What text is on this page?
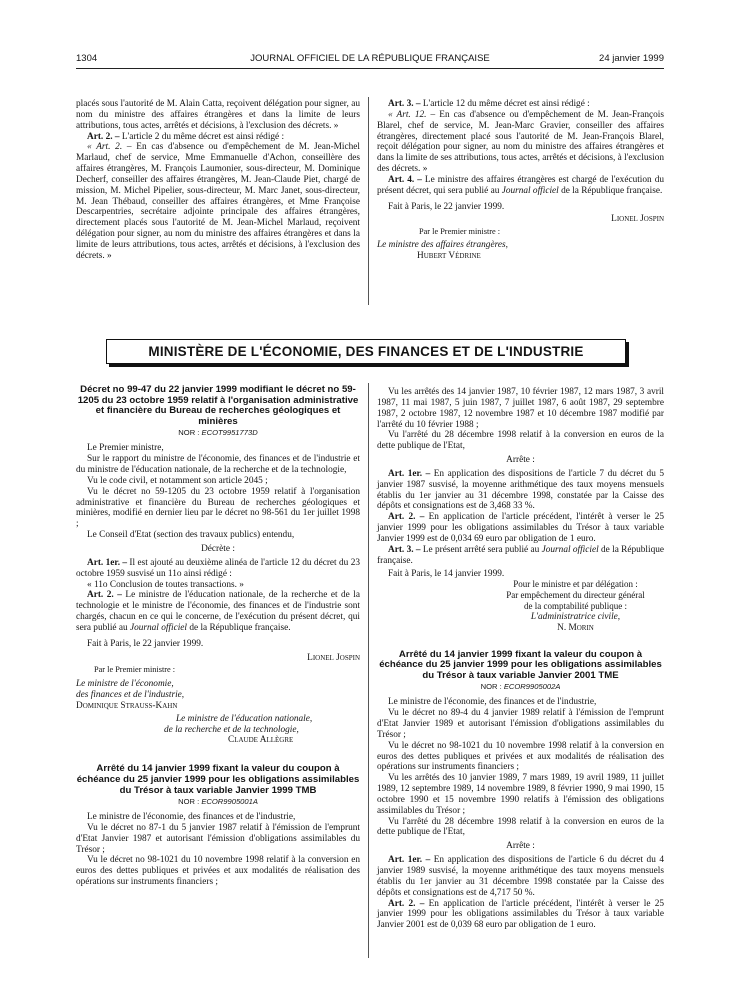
1304	JOURNAL OFFICIEL DE LA RÉPUBLIQUE FRANÇAISE	24 janvier 1999

placés sous l'autorité de M. Alain Catta, reçoivent délégation pour signer, au nom du ministre des affaires étrangères et dans la limite de leurs attributions, tous actes, arrêtés et décisions, à l'exclusion des décrets. »

Art. 2. – L'article 2 du même décret est ainsi rédigé :

« Art. 2. – En cas d'absence ou d'empêchement de M. Jean-Michel Marlaud, chef de service, Mme Emmanuelle d'Achon, conseillère des affaires étrangères, M. François Laumonier, sous-directeur, M. Dominique Decherf, conseiller des affaires étrangères, M. Jean-Claude Piet, chargé de mission, M. Michel Pipelier, sous-directeur, M. Marc Janet, sous-directeur, M. Jean Thébaud, conseiller des affaires étrangères, et Mme Françoise Descarpentries, secrétaire adjointe principale des affaires étrangères, directement placés sous l'autorité de M. Jean-Michel Marlaud, reçoivent délégation pour signer, au nom du ministre des affaires étrangères et dans la limite de leurs attributions, tous actes, arrêtés et décisions, à l'exclusion des décrets. »

Art. 3. – L'article 12 du même décret est ainsi rédigé :

« Art. 12. – En cas d'absence ou d'empêchement de M. Jean-François Blarel, chef de service, M. Jean-Marc Gravier, conseiller des affaires étrangères, directement placé sous l'autorité de M. Jean-François Blarel, reçoit délégation pour signer, au nom du ministre des affaires étrangères et dans la limite de ses attributions, tous actes, arrêtés et décisions, à l'exclusion des décrets. »

Art. 4. – Le ministre des affaires étrangères est chargé de l'exécution du présent décret, qui sera publié au Journal officiel de la République française.

Fait à Paris, le 22 janvier 1999.

Lionel Jospin

Par le Premier ministre :

Le ministre des affaires étrangères,

Hubert Védrine

MINISTÈRE DE L'ÉCONOMIE, DES FINANCES ET DE L'INDUSTRIE
Décret no 99-47 du 22 janvier 1999 modifiant le décret no 59-1205 du 23 octobre 1959 relatif à l'organisation administrative et financière du Bureau de recherches géologiques et minières
NOR : ECOT9951773D

Le Premier ministre,

Sur le rapport du ministre de l'économie, des finances et de l'industrie et du ministre de l'éducation nationale, de la recherche et de la technologie,

Vu le code civil, et notamment son article 2045 ;

Vu le décret no 59-1205 du 23 octobre 1959 relatif à l'organisation administrative et financière du Bureau de recherches géologiques et minières, modifié en dernier lieu par le décret no 98-561 du 1er juillet 1998 ;

Le Conseil d'Etat (section des travaux publics) entendu,

Décrète :

Art. 1er. – Il est ajouté au deuxième alinéa de l'article 12 du décret du 23 octobre 1959 susvisé un 11o ainsi rédigé :

« 11o Conclusion de toutes transactions. »

Art. 2. – Le ministre de l'éducation nationale, de la recherche et de la technologie et le ministre de l'économie, des finances et de l'industrie sont chargés, chacun en ce qui le concerne, de l'exécution du présent décret, qui sera publié au Journal officiel de la République française.

Fait à Paris, le 22 janvier 1999.

Lionel Jospin

Par le Premier ministre :

Le ministre de l'économie,

des finances et de l'industrie,

Dominique Strauss-Kahn

Le ministre de l'éducation nationale,

de la recherche et de la technologie,

Claude Allègre

Arrêté du 14 janvier 1999 fixant la valeur du coupon à échéance du 25 janvier 1999 pour les obligations assimilables du Trésor à taux variable Janvier 1999 TMB
NOR : ECOR9905001A

Le ministre de l'économie, des finances et de l'industrie,

Vu le décret no 87-1 du 5 janvier 1987 relatif à l'émission de l'emprunt d'Etat Janvier 1987 et autorisant l'émission d'obligations assimilables du Trésor ;

Vu le décret no 98-1021 du 10 novembre 1998 relatif à la conversion en euros des dettes publiques et privées et aux modalités de réalisation des opérations sur instruments financiers ;

Vu les arrêtés des 14 janvier 1987, 10 février 1987, 12 mars 1987, 3 avril 1987, 11 mai 1987, 5 juin 1987, 7 juillet 1987, 6 août 1987, 29 septembre 1987, 2 octobre 1987, 12 novembre 1987 et 10 décembre 1987 modifié par l'arrêté du 10 février 1988 ;

Vu l'arrêté du 28 décembre 1998 relatif à la conversion en euros de la dette publique de l'Etat,

Arrête :

Art. 1er. – En application des dispositions de l'article 7 du décret du 5 janvier 1987 susvisé, la moyenne arithmétique des taux moyens mensuels établis du 1er janvier au 31 décembre 1998, constatée par la Caisse des dépôts et consignations est de 3,468 33 %.

Art. 2. – En application de l'article précédent, l'intérêt à verser le 25 janvier 1999 pour les obligations assimilables du Trésor à taux variable Janvier 1999 est de 0,034 69 euro par obligation de 1 euro.

Art. 3. – Le présent arrêté sera publié au Journal officiel de la République française.

Fait à Paris, le 14 janvier 1999.

Pour le ministre et par délégation :

Par empêchement du directeur général

de la comptabilité publique :

L'administratrice civile,

N. Morin

Arrêté du 14 janvier 1999 fixant la valeur du coupon à échéance du 25 janvier 1999 pour les obligations assimilables du Trésor à taux variable Janvier 2001 TME
NOR : ECOR9905002A

Le ministre de l'économie, des finances et de l'industrie,

Vu le décret no 89-4 du 4 janvier 1989 relatif à l'émission de l'emprunt d'Etat Janvier 1989 et autorisant l'émission d'obligations assimilables du Trésor ;

Vu le décret no 98-1021 du 10 novembre 1998 relatif à la conversion en euros des dettes publiques et privées et aux modalités de réalisation des opérations sur instruments financiers ;

Vu les arrêtés des 10 janvier 1989, 7 mars 1989, 19 avril 1989, 11 juillet 1989, 12 septembre 1989, 14 novembre 1989, 8 février 1990, 9 mai 1990, 15 octobre 1990 et 15 novembre 1990 relatifs à l'émission des obligations assimilables du Trésor ;

Vu l'arrêté du 28 décembre 1998 relatif à la conversion en euros de la dette publique de l'Etat,

Arrête :

Art. 1er. – En application des dispositions de l'article 6 du décret du 4 janvier 1989 susvisé, la moyenne arithmétique des taux moyens mensuels établis du 1er janvier au 31 décembre 1998 constatée par la Caisse des dépôts et consignations est de 4,717 50 %.

Art. 2. – En application de l'article précédent, l'intérêt à verser le 25 janvier 1999 pour les obligations assimilables du Trésor à taux variable Janvier 2001 est de 0,039 68 euro par obligation de 1 euro.
